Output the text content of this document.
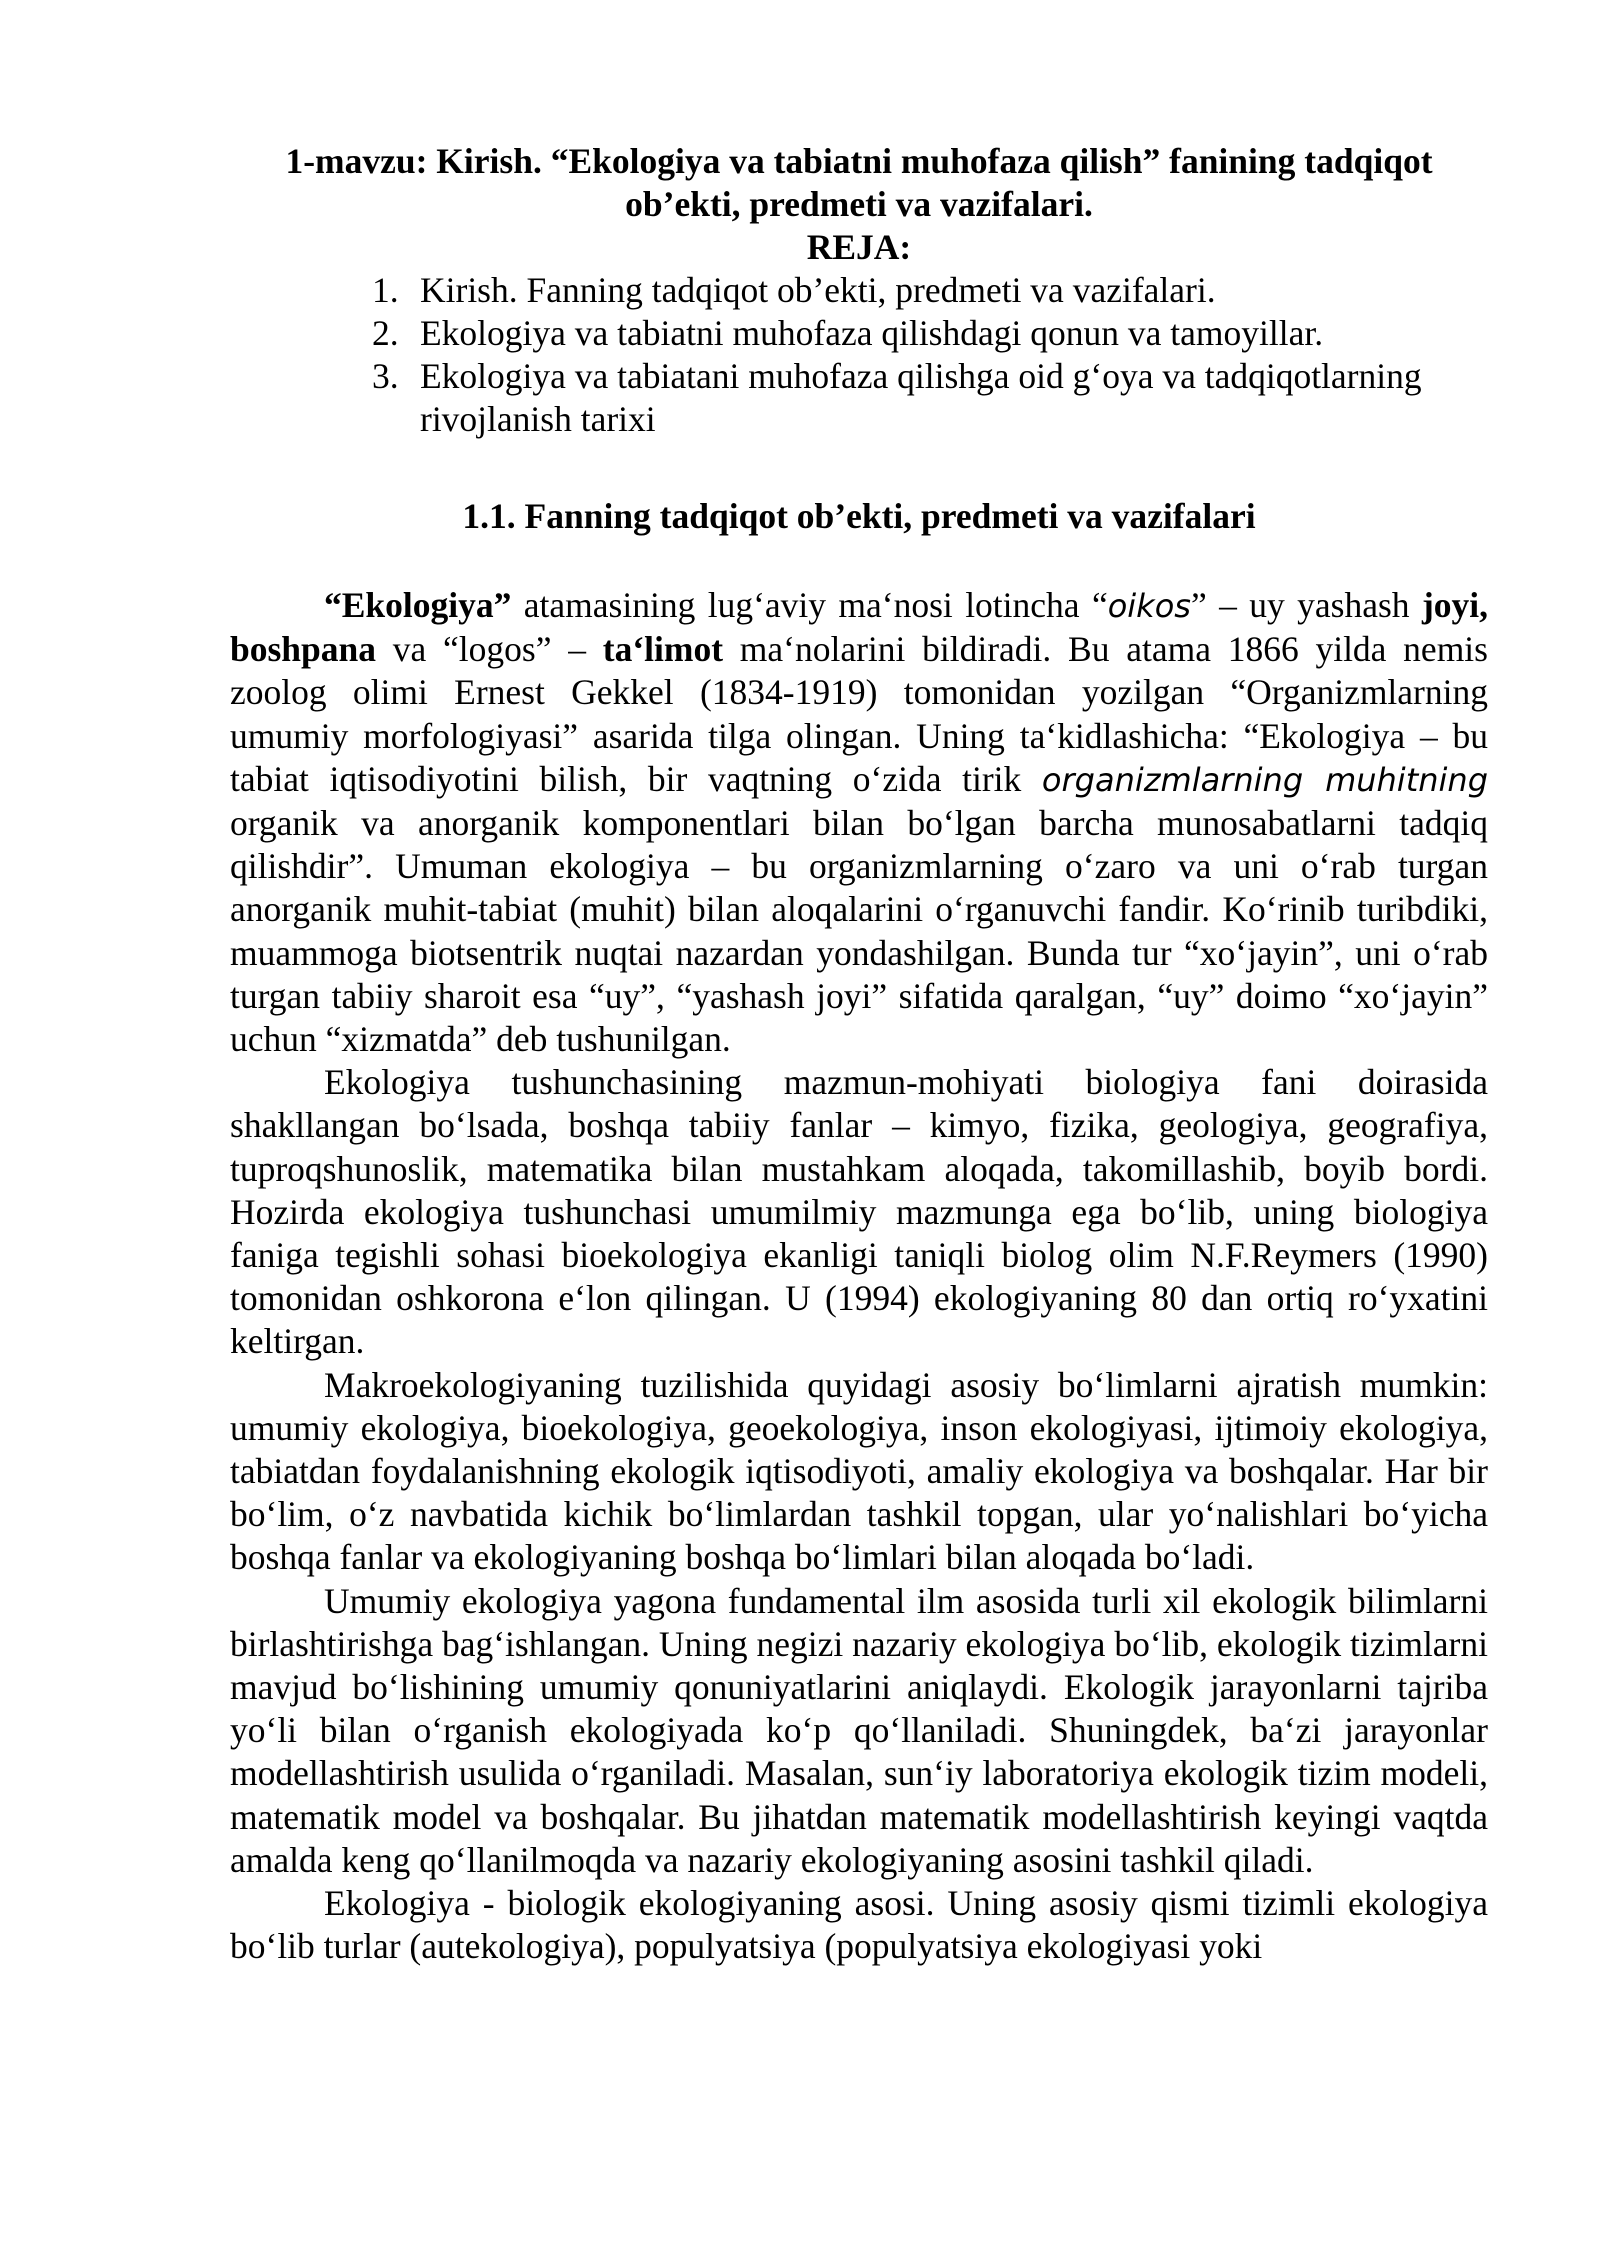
1-mavzu: Kirish. “Ekologiya va tabiatni muhofaza qilish” fanining tadqiqot
ob’ekti, predmeti va vazifalari.

REJA:

1. Kirish. Fanning tadqiqot ob’ekti, predmeti va vazifalari.
2. Ekologiya va tabiatni muhofaza qilishdagi qonun va tamoyillar.
3. Ekologiya va tabiatani muhofaza qilishga oid g‘oya va tadqiqotlarning rivojlanish tarixi

1.1. Fanning tadqiqot ob’ekti, predmeti va vazifalari

“Ekologiya” atamasining lug‘aviy ma‘nosi lotincha “oikos” – uy yashash joyi, boshpana va “logos” – ta‘limot ma‘nolarini bildiradi. Bu atama 1866 yilda nemis zoolog olimi Ernest Gekkel (1834-1919) tomonidan yozilgan “Organizmlarning umumiy morfologiyasi” asarida tilga olingan. Uning ta‘kidlashicha: “Ekologiya – bu tabiat iqtisodiyotini bilish, bir vaqtning o‘zida tirik organizmlarning muhitning organik va anorganik komponentlari bilan bo‘lgan barcha munosabatlarni tadqiq qilishdir”. Umuman ekologiya – bu organizmlarning o‘zaro va uni o‘rab turgan anorganik muhit-tabiat (muhit) bilan aloqalarini o‘rganuvchi fandir. Ko‘rinib turibdiki, muammoga biotsentrik nuqtai nazardan yondashilgan. Bunda tur “xo‘jayin”, uni o‘rab turgan tabiiy sharoit esa “uy”, “yashash joyi” sifatida qaralgan, “uy” doimo “xo‘jayin” uchun “xizmatda” deb tushunilgan.

Ekologiya tushunchasining mazmun-mohiyati biologiya fani doirasida shakllangan bo‘lsada, boshqa tabiiy fanlar – kimyo, fizika, geologiya, geografiya, tuproqshunoslik, matematika bilan mustahkam aloqada, takomillashib, boyib bordi. Hozirda ekologiya tushunchasi umumilmiy mazmunga ega bo‘lib, uning biologiya faniga tegishli sohasi bioekologiya ekanligi taniqli biolog olim N.F.Reymers (1990) tomonidan oshkorona e‘lon qilingan. U (1994) ekologiyaning 80 dan ortiq ro‘yxatini keltirgan.

Makroekologiyaning tuzilishida quyidagi asosiy bo‘limlarni ajratish mumkin: umumiy ekologiya, bioekologiya, geoekologiya, inson ekologiyasi, ijtimoiy ekologiya, tabiatdan foydalanishning ekologik iqtisodiyoti, amaliy ekologiya va boshqalar. Har bir bo‘lim, o‘z navbatida kichik bo‘limlardan tashkil topgan, ular yo‘nalishlari bo‘yicha boshqa fanlar va ekologiyaning boshqa bo‘limlari bilan aloqada bo‘ladi.

Umumiy ekologiya yagona fundamental ilm asosida turli xil ekologik bilimlarni birlashtirishga bag‘ishlangan. Uning negizi nazariy ekologiya bo‘lib, ekologik tizimlarni mavjud bo‘lishining umumiy qonuniyatlarini aniqlaydi. Ekologik jarayonlarni tajriba yo‘li bilan o‘rganish ekologiyada ko‘p qo‘llaniladi. Shuningdek, ba‘zi jarayonlar modellashtirish usulida o‘rganiladi. Masalan, sun‘iy laboratoriya ekologik tizim modeli, matematik model va boshqalar. Bu jihatdan matematik modellashtirish keyingi vaqtda amalda keng qo‘llanilmoqda va nazariy ekologiyaning asosini tashkil qiladi.

Ekologiya - biologik ekologiyaning asosi. Uning asosiy qismi tizimli ekologiya bo‘lib turlar (autekologiya), populyatsiya (populyatsiya ekologiyasi yoki
